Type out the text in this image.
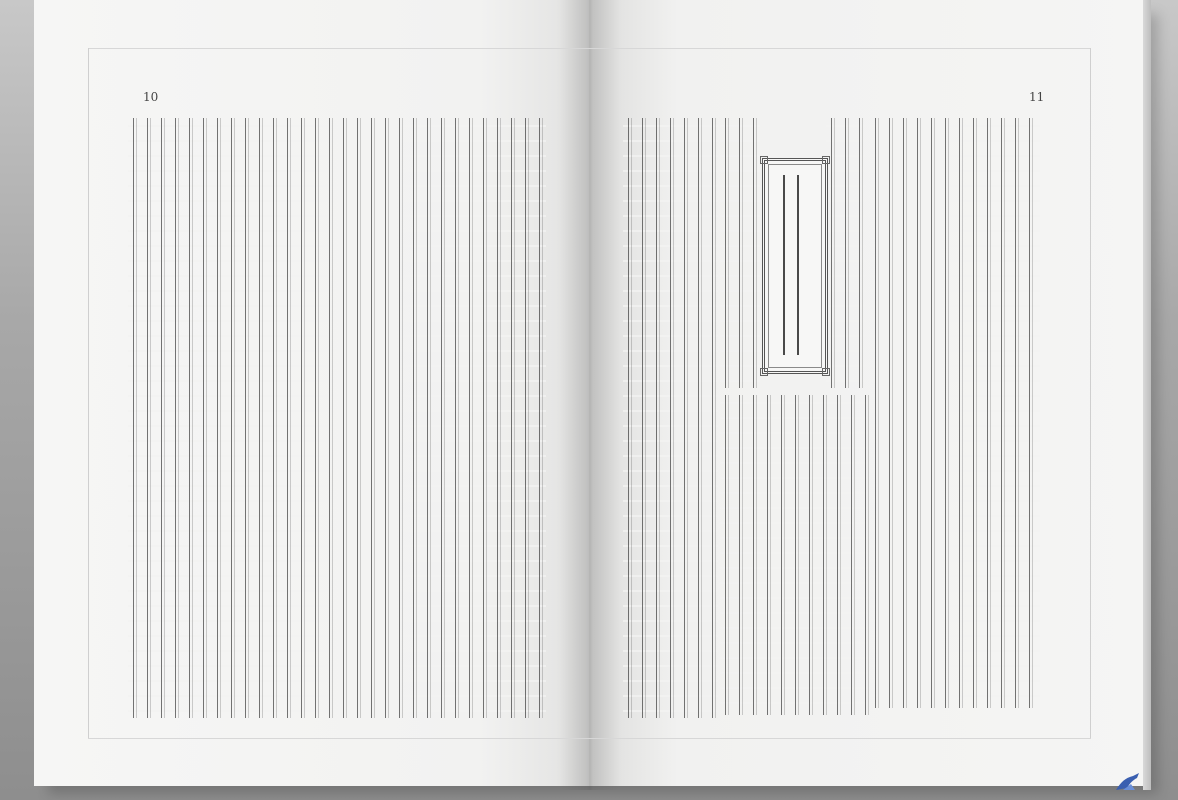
10	11
